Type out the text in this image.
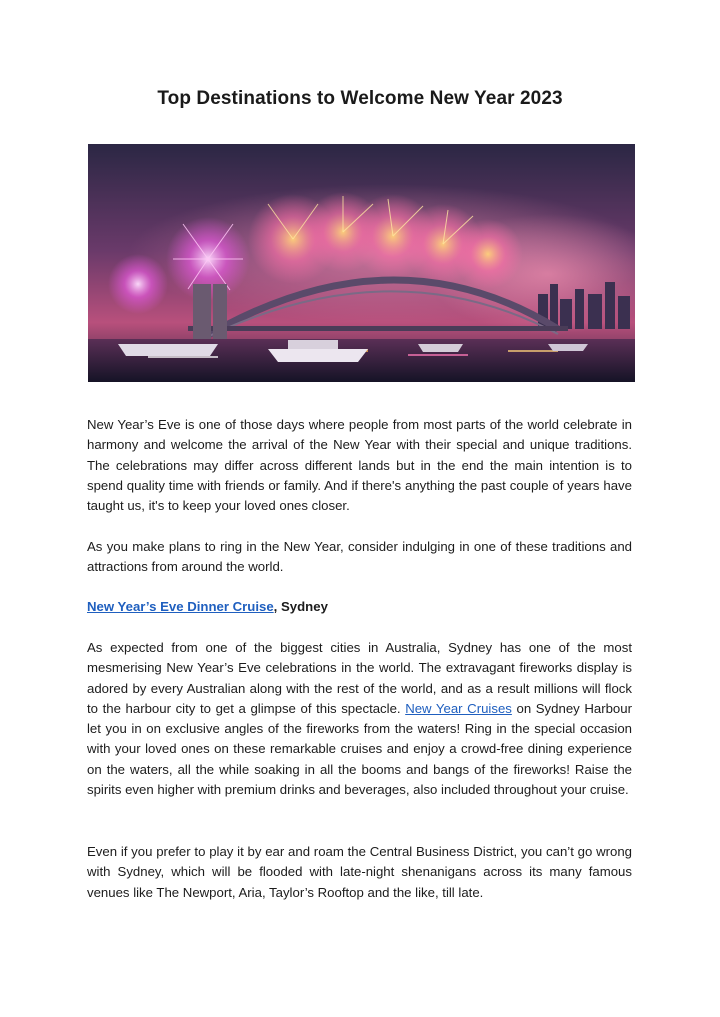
Top Destinations to Welcome New Year 2023

New Year’s Eve is one of those days where people from most parts of the world celebrate in harmony and welcome the arrival of the New Year with their special and unique traditions. The celebrations may differ across different lands but in the end the main intention is to spend quality time with friends or family. And if there's anything the past couple of years have taught us, it's to keep your loved ones closer.

As you make plans to ring in the New Year, consider indulging in one of these traditions and attractions from around the world.

New Year’s Eve Dinner Cruise, Sydney

As expected from one of the biggest cities in Australia, Sydney has one of the most mesmerising New Year’s Eve celebrations in the world. The extravagant fireworks display is adored by every Australian along with the rest of the world, and as a result millions will flock to the harbour city to get a glimpse of this spectacle. New Year Cruises on Sydney Harbour let you in on exclusive angles of the fireworks from the waters! Ring in the special occasion with your loved ones on these remarkable cruises and enjoy a crowd-free dining experience on the waters, all the while soaking in all the booms and bangs of the fireworks! Raise the spirits even higher with premium drinks and beverages, also included throughout your cruise.

Even if you prefer to play it by ear and roam the Central Business District, you can’t go wrong with Sydney, which will be flooded with late-night shenanigans across its many famous venues like The Newport, Aria, Taylor’s Rooftop and the like, till late.
